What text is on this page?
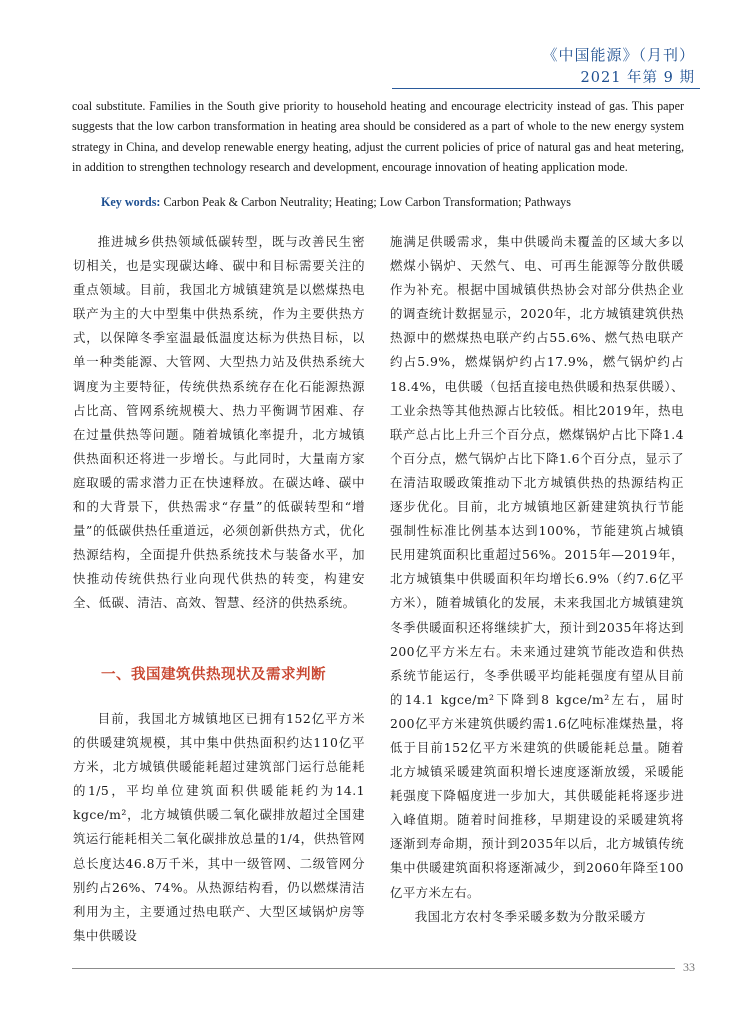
《中国能源》（月刊）
2021 年第 9 期
coal substitute. Families in the South give priority to household heating and encourage electricity instead of gas. This paper suggests that the low carbon transformation in heating area should be considered as a part of whole to the new energy system strategy in China, and develop renewable energy heating, adjust the current policies of price of natural gas and heat metering, in addition to strengthen technology research and development, encourage innovation of heating application mode.
Key words: Carbon Peak & Carbon Neutrality; Heating; Low Carbon Transformation; Pathways

推进城乡供热领域低碳转型，既与改善民生密切相关，也是实现碳达峰、碳中和目标需要关注的重点领域。目前，我国北方城镇建筑是以燃煤热电联产为主的大中型集中供热系统，作为主要供热方式，以保障冬季室温最低温度达标为供热目标，以单一种类能源、大管网、大型热力站及供热系统大调度为主要特征，传统供热系统存在化石能源热源占比高、管网系统规模大、热力平衡调节困难、存在过量供热等问题。随着城镇化率提升，北方城镇供热面积还将进一步增长。与此同时，大量南方家庭取暖的需求潜力正在快速释放。在碳达峰、碳中和的大背景下，供热需求“存量”的低碳转型和“增量”的低碳供热任重道远，必须创新供热方式，优化热源结构，全面提升供热系统技术与装备水平，加快推动传统供热行业向现代供热的转变，构建安全、低碳、清洁、高效、智慧、经济的供热系统。

一、我国建筑供热现状及需求判断

目前，我国北方城镇地区已拥有152亿平方米的供暖建筑规模，其中集中供热面积约达110亿平方米，北方城镇供暖能耗超过建筑部门运行总能耗的1/5，平均单位建筑面积供暖能耗约为14.1 kgce/m²，北方城镇供暖二氧化碳排放超过全国建筑运行能耗相关二氧化碳排放总量的1/4，供热管网总长度达46.8万千米，其中一级管网、二级管网分别约占26%、74%。从热源结构看，仍以燃煤清洁利用为主，主要通过热电联产、大型区域锅炉房等集中供暖设

施满足供暖需求，集中供暖尚未覆盖的区域大多以燃煤小锅炉、天然气、电、可再生能源等分散供暖作为补充。根据中国城镇供热协会对部分供热企业的调查统计数据显示，2020年，北方城镇建筑供热热源中的燃煤热电联产约占55.6%、燃气热电联产约占5.9%，燃煤锅炉约占17.9%，燃气锅炉约占18.4%，电供暖（包括直接电热供暖和热泵供暖）、工业余热等其他热源占比较低。相比2019年，热电联产总占比上升三个百分点，燃煤锅炉占比下降1.4个百分点，燃气锅炉占比下降1.6个百分点，显示了在清洁取暖政策推动下北方城镇供热的热源结构正逐步优化。目前，北方城镇地区新建建筑执行节能强制性标准比例基本达到100%，节能建筑占城镇民用建筑面积比重超过56%。2015年—2019年，北方城镇集中供暖面积年均增长6.9%（约7.6亿平方米），随着城镇化的发展，未来我国北方城镇建筑冬季供暖面积还将继续扩大，预计到2035年将达到200亿平方米左右。未来通过建筑节能改造和供热系统节能运行，冬季供暖平均能耗强度有望从目前的14.1 kgce/m²下降到8 kgce/m²左右，届时200亿平方米建筑供暖约需1.6亿吨标准煤热量，将低于目前152亿平方米建筑的供暖能耗总量。随着北方城镇采暖建筑面积增长速度逐渐放缓，采暖能耗强度下降幅度进一步加大，其供暖能耗将逐步进入峰值期。随着时间推移，早期建设的采暖建筑将逐渐到寿命期，预计到2035年以后，北方城镇传统集中供暖建筑面积将逐渐减少，到2060年降至100亿平方米左右。

我国北方农村冬季采暖多数为分散采暖方

33
